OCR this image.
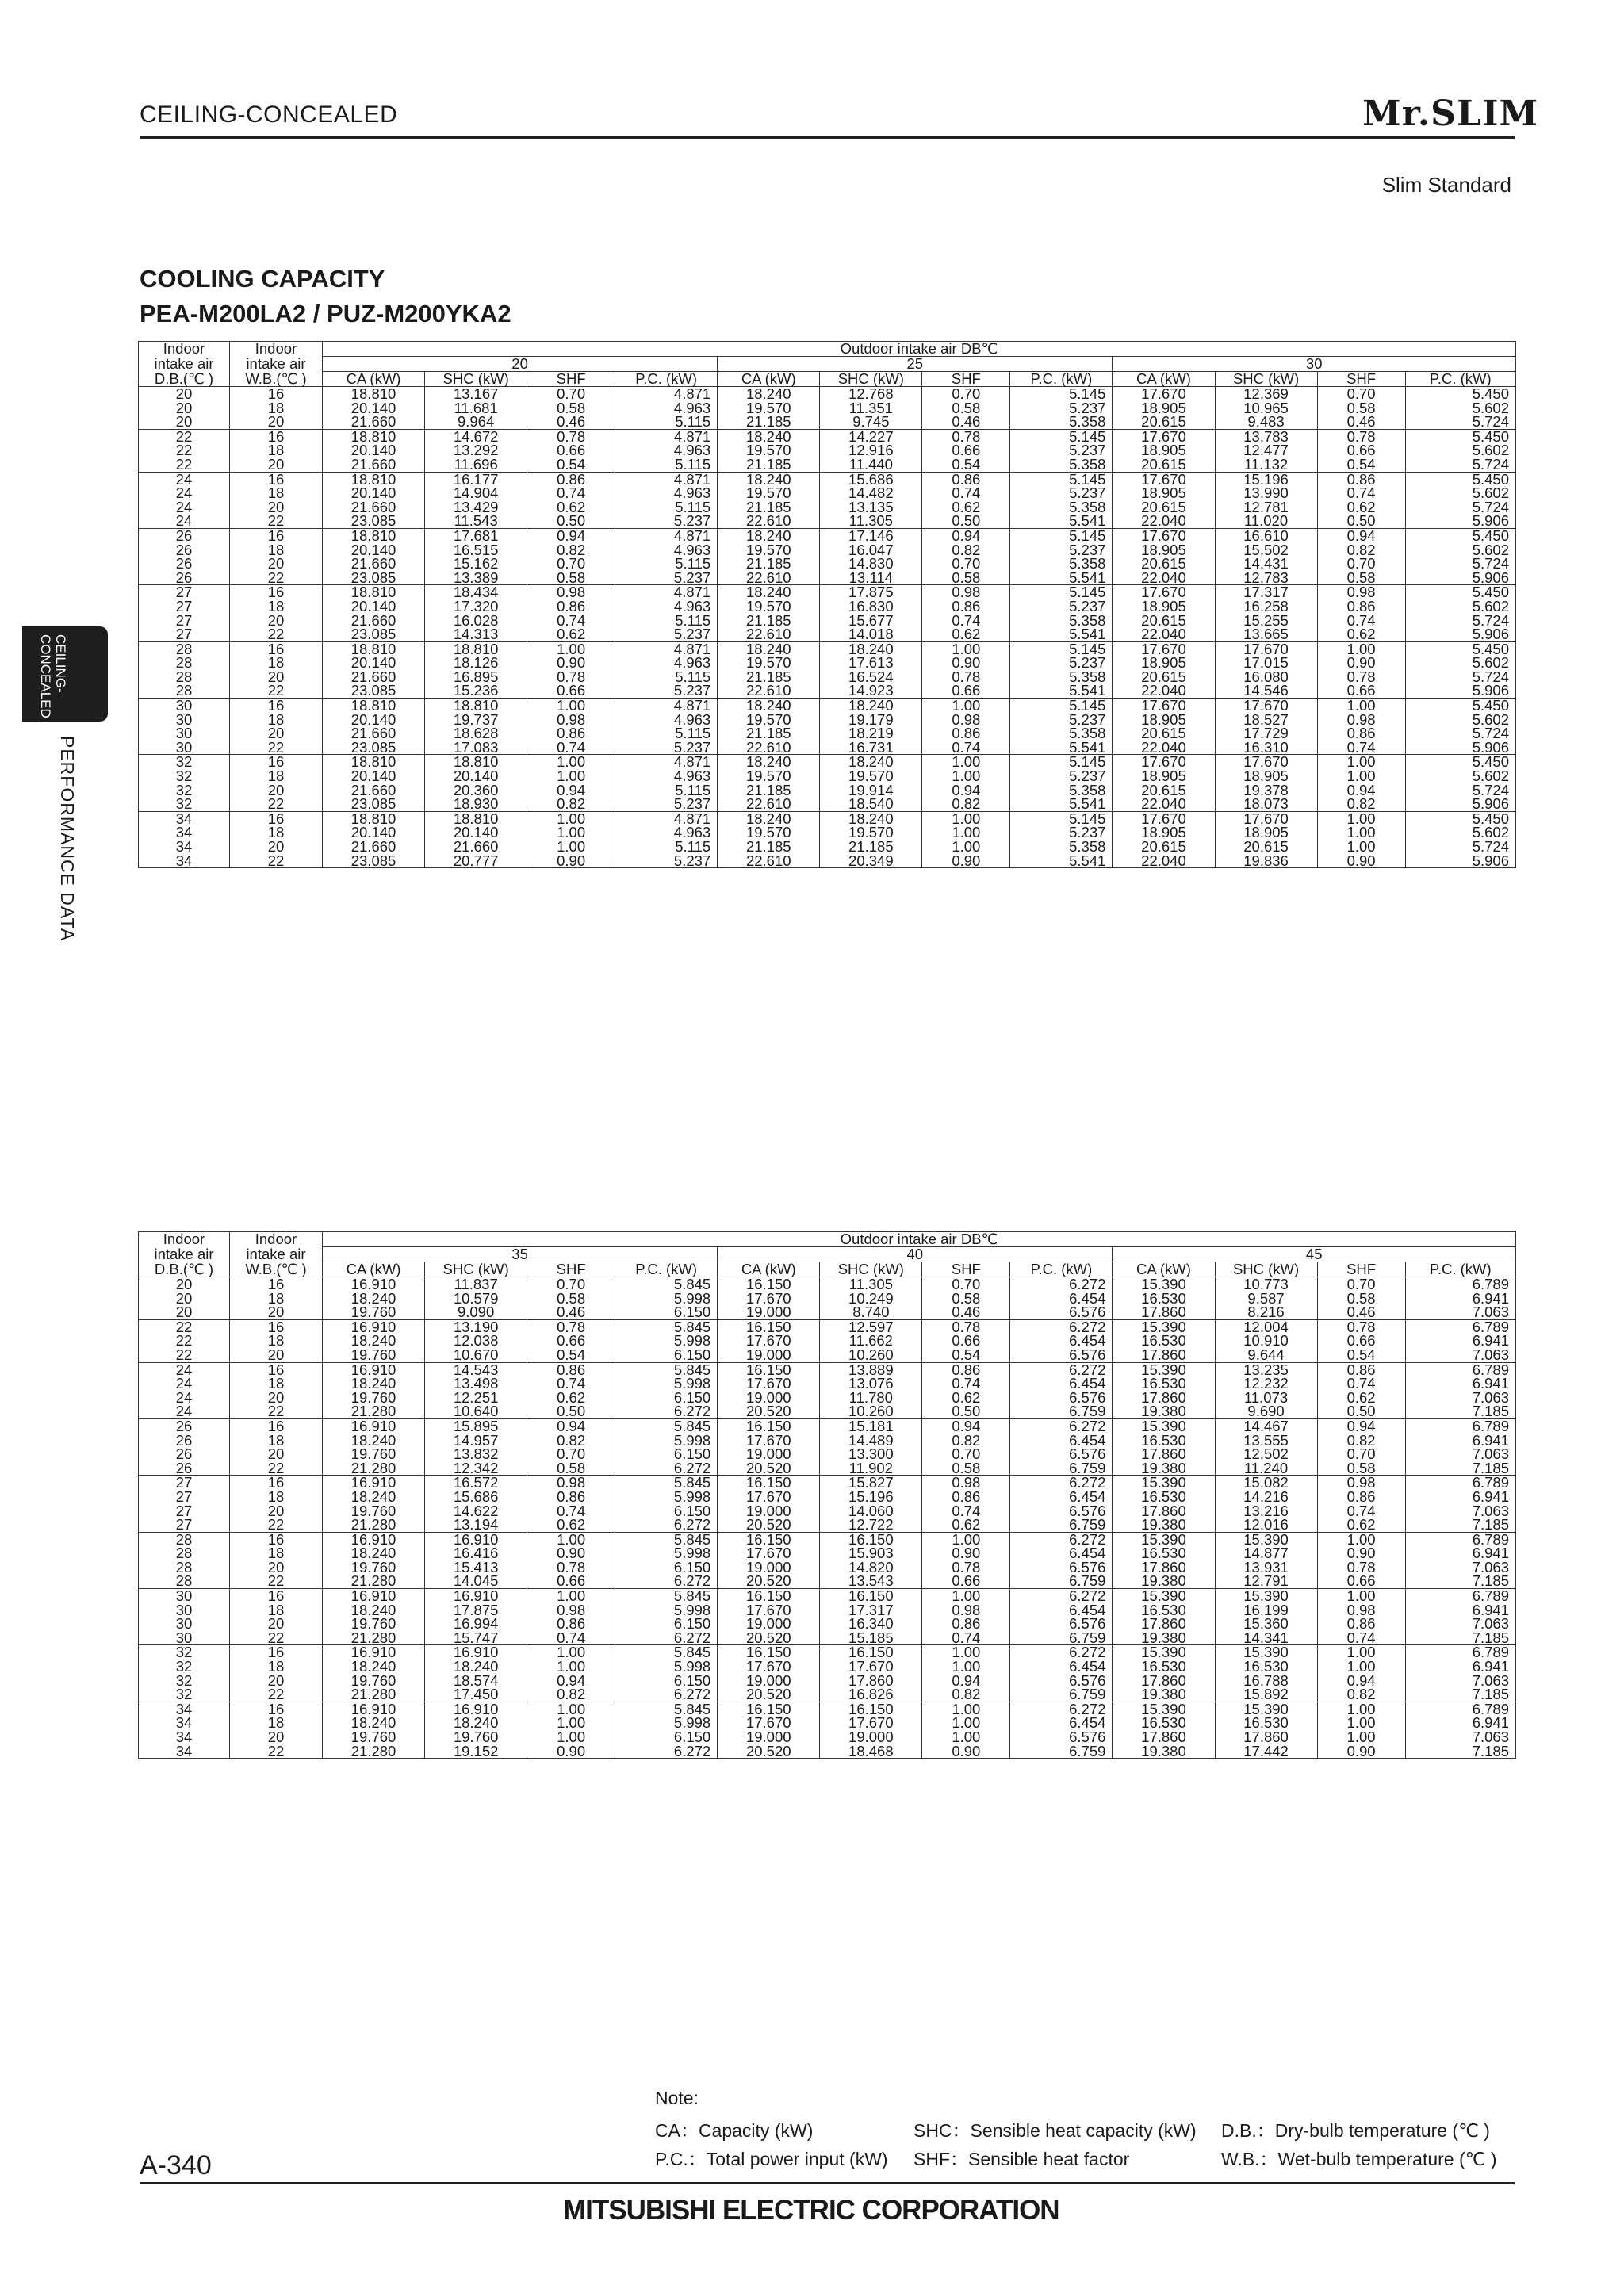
CEILING-CONCEALED	Mr.SLIM
Slim Standard
COOLING CAPACITY
PEA-M200LA2 / PUZ-M200YKA2
CEILING-
CONCEALED
PERFORMANCE DATA
Indoor	Indoor	Outdoor intake air DB℃											
intake air	intake air	20				25				30			
D.B.(℃ )	W.B.(℃ )	CA (kW)	SHC (kW)	SHF	P.C. (kW)	CA (kW)	SHC (kW)	SHF	P.C. (kW)	CA (kW)	SHC (kW)	SHF	P.C. (kW)
20	16	18.810	13.167	0.70	4.871	18.240	12.768	0.70	5.145	17.670	12.369	0.70	5.450
20	18	20.140	11.681	0.58	4.963	19.570	11.351	0.58	5.237	18.905	10.965	0.58	5.602
20	20	21.660	9.964	0.46	5.115	21.185	9.745	0.46	5.358	20.615	9.483	0.46	5.724
22	16	18.810	14.672	0.78	4.871	18.240	14.227	0.78	5.145	17.670	13.783	0.78	5.450
22	18	20.140	13.292	0.66	4.963	19.570	12.916	0.66	5.237	18.905	12.477	0.66	5.602
22	20	21.660	11.696	0.54	5.115	21.185	11.440	0.54	5.358	20.615	11.132	0.54	5.724
24	16	18.810	16.177	0.86	4.871	18.240	15.686	0.86	5.145	17.670	15.196	0.86	5.450
24	18	20.140	14.904	0.74	4.963	19.570	14.482	0.74	5.237	18.905	13.990	0.74	5.602
24	20	21.660	13.429	0.62	5.115	21.185	13.135	0.62	5.358	20.615	12.781	0.62	5.724
24	22	23.085	11.543	0.50	5.237	22.610	11.305	0.50	5.541	22.040	11.020	0.50	5.906
26	16	18.810	17.681	0.94	4.871	18.240	17.146	0.94	5.145	17.670	16.610	0.94	5.450
26	18	20.140	16.515	0.82	4.963	19.570	16.047	0.82	5.237	18.905	15.502	0.82	5.602
26	20	21.660	15.162	0.70	5.115	21.185	14.830	0.70	5.358	20.615	14.431	0.70	5.724
26	22	23.085	13.389	0.58	5.237	22.610	13.114	0.58	5.541	22.040	12.783	0.58	5.906
27	16	18.810	18.434	0.98	4.871	18.240	17.875	0.98	5.145	17.670	17.317	0.98	5.450
27	18	20.140	17.320	0.86	4.963	19.570	16.830	0.86	5.237	18.905	16.258	0.86	5.602
27	20	21.660	16.028	0.74	5.115	21.185	15.677	0.74	5.358	20.615	15.255	0.74	5.724
27	22	23.085	14.313	0.62	5.237	22.610	14.018	0.62	5.541	22.040	13.665	0.62	5.906
28	16	18.810	18.810	1.00	4.871	18.240	18.240	1.00	5.145	17.670	17.670	1.00	5.450
28	18	20.140	18.126	0.90	4.963	19.570	17.613	0.90	5.237	18.905	17.015	0.90	5.602
28	20	21.660	16.895	0.78	5.115	21.185	16.524	0.78	5.358	20.615	16.080	0.78	5.724
28	22	23.085	15.236	0.66	5.237	22.610	14.923	0.66	5.541	22.040	14.546	0.66	5.906
30	16	18.810	18.810	1.00	4.871	18.240	18.240	1.00	5.145	17.670	17.670	1.00	5.450
30	18	20.140	19.737	0.98	4.963	19.570	19.179	0.98	5.237	18.905	18.527	0.98	5.602
30	20	21.660	18.628	0.86	5.115	21.185	18.219	0.86	5.358	20.615	17.729	0.86	5.724
30	22	23.085	17.083	0.74	5.237	22.610	16.731	0.74	5.541	22.040	16.310	0.74	5.906
32	16	18.810	18.810	1.00	4.871	18.240	18.240	1.00	5.145	17.670	17.670	1.00	5.450
32	18	20.140	20.140	1.00	4.963	19.570	19.570	1.00	5.237	18.905	18.905	1.00	5.602
32	20	21.660	20.360	0.94	5.115	21.185	19.914	0.94	5.358	20.615	19.378	0.94	5.724
32	22	23.085	18.930	0.82	5.237	22.610	18.540	0.82	5.541	22.040	18.073	0.82	5.906
34	16	18.810	18.810	1.00	4.871	18.240	18.240	1.00	5.145	17.670	17.670	1.00	5.450
34	18	20.140	20.140	1.00	4.963	19.570	19.570	1.00	5.237	18.905	18.905	1.00	5.602
34	20	21.660	21.660	1.00	5.115	21.185	21.185	1.00	5.358	20.615	20.615	1.00	5.724
34	22	23.085	20.777	0.90	5.237	22.610	20.349	0.90	5.541	22.040	19.836	0.90	5.906
Indoor	Indoor	Outdoor intake air DB℃											
intake air	intake air	35				40				45			
D.B.(℃ )	W.B.(℃ )	CA (kW)	SHC (kW)	SHF	P.C. (kW)	CA (kW)	SHC (kW)	SHF	P.C. (kW)	CA (kW)	SHC (kW)	SHF	P.C. (kW)
20	16	16.910	11.837	0.70	5.845	16.150	11.305	0.70	6.272	15.390	10.773	0.70	6.789
20	18	18.240	10.579	0.58	5.998	17.670	10.249	0.58	6.454	16.530	9.587	0.58	6.941
20	20	19.760	9.090	0.46	6.150	19.000	8.740	0.46	6.576	17.860	8.216	0.46	7.063
22	16	16.910	13.190	0.78	5.845	16.150	12.597	0.78	6.272	15.390	12.004	0.78	6.789
22	18	18.240	12.038	0.66	5.998	17.670	11.662	0.66	6.454	16.530	10.910	0.66	6.941
22	20	19.760	10.670	0.54	6.150	19.000	10.260	0.54	6.576	17.860	9.644	0.54	7.063
24	16	16.910	14.543	0.86	5.845	16.150	13.889	0.86	6.272	15.390	13.235	0.86	6.789
24	18	18.240	13.498	0.74	5.998	17.670	13.076	0.74	6.454	16.530	12.232	0.74	6.941
24	20	19.760	12.251	0.62	6.150	19.000	11.780	0.62	6.576	17.860	11.073	0.62	7.063
24	22	21.280	10.640	0.50	6.272	20.520	10.260	0.50	6.759	19.380	9.690	0.50	7.185
26	16	16.910	15.895	0.94	5.845	16.150	15.181	0.94	6.272	15.390	14.467	0.94	6.789
26	18	18.240	14.957	0.82	5.998	17.670	14.489	0.82	6.454	16.530	13.555	0.82	6.941
26	20	19.760	13.832	0.70	6.150	19.000	13.300	0.70	6.576	17.860	12.502	0.70	7.063
26	22	21.280	12.342	0.58	6.272	20.520	11.902	0.58	6.759	19.380	11.240	0.58	7.185
27	16	16.910	16.572	0.98	5.845	16.150	15.827	0.98	6.272	15.390	15.082	0.98	6.789
27	18	18.240	15.686	0.86	5.998	17.670	15.196	0.86	6.454	16.530	14.216	0.86	6.941
27	20	19.760	14.622	0.74	6.150	19.000	14.060	0.74	6.576	17.860	13.216	0.74	7.063
27	22	21.280	13.194	0.62	6.272	20.520	12.722	0.62	6.759	19.380	12.016	0.62	7.185
28	16	16.910	16.910	1.00	5.845	16.150	16.150	1.00	6.272	15.390	15.390	1.00	6.789
28	18	18.240	16.416	0.90	5.998	17.670	15.903	0.90	6.454	16.530	14.877	0.90	6.941
28	20	19.760	15.413	0.78	6.150	19.000	14.820	0.78	6.576	17.860	13.931	0.78	7.063
28	22	21.280	14.045	0.66	6.272	20.520	13.543	0.66	6.759	19.380	12.791	0.66	7.185
30	16	16.910	16.910	1.00	5.845	16.150	16.150	1.00	6.272	15.390	15.390	1.00	6.789
30	18	18.240	17.875	0.98	5.998	17.670	17.317	0.98	6.454	16.530	16.199	0.98	6.941
30	20	19.760	16.994	0.86	6.150	19.000	16.340	0.86	6.576	17.860	15.360	0.86	7.063
30	22	21.280	15.747	0.74	6.272	20.520	15.185	0.74	6.759	19.380	14.341	0.74	7.185
32	16	16.910	16.910	1.00	5.845	16.150	16.150	1.00	6.272	15.390	15.390	1.00	6.789
32	18	18.240	18.240	1.00	5.998	17.670	17.670	1.00	6.454	16.530	16.530	1.00	6.941
32	20	19.760	18.574	0.94	6.150	19.000	17.860	0.94	6.576	17.860	16.788	0.94	7.063
32	22	21.280	17.450	0.82	6.272	20.520	16.826	0.82	6.759	19.380	15.892	0.82	7.185
34	16	16.910	16.910	1.00	5.845	16.150	16.150	1.00	6.272	15.390	15.390	1.00	6.789
34	18	18.240	18.240	1.00	5.998	17.670	17.670	1.00	6.454	16.530	16.530	1.00	6.941
34	20	19.760	19.760	1.00	6.150	19.000	19.000	1.00	6.576	17.860	17.860	1.00	7.063
34	22	21.280	19.152	0.90	6.272	20.520	18.468	0.90	6.759	19.380	17.442	0.90	7.185
Note:
CA：Capacity (kW)
P.C.：Total power input (kW)
SHC：Sensible heat capacity (kW)
SHF：Sensible heat factor
D.B.：Dry-bulb temperature (℃ )
W.B.：Wet-bulb temperature (℃ )
A-340
MITSUBISHI ELECTRIC CORPORATION
